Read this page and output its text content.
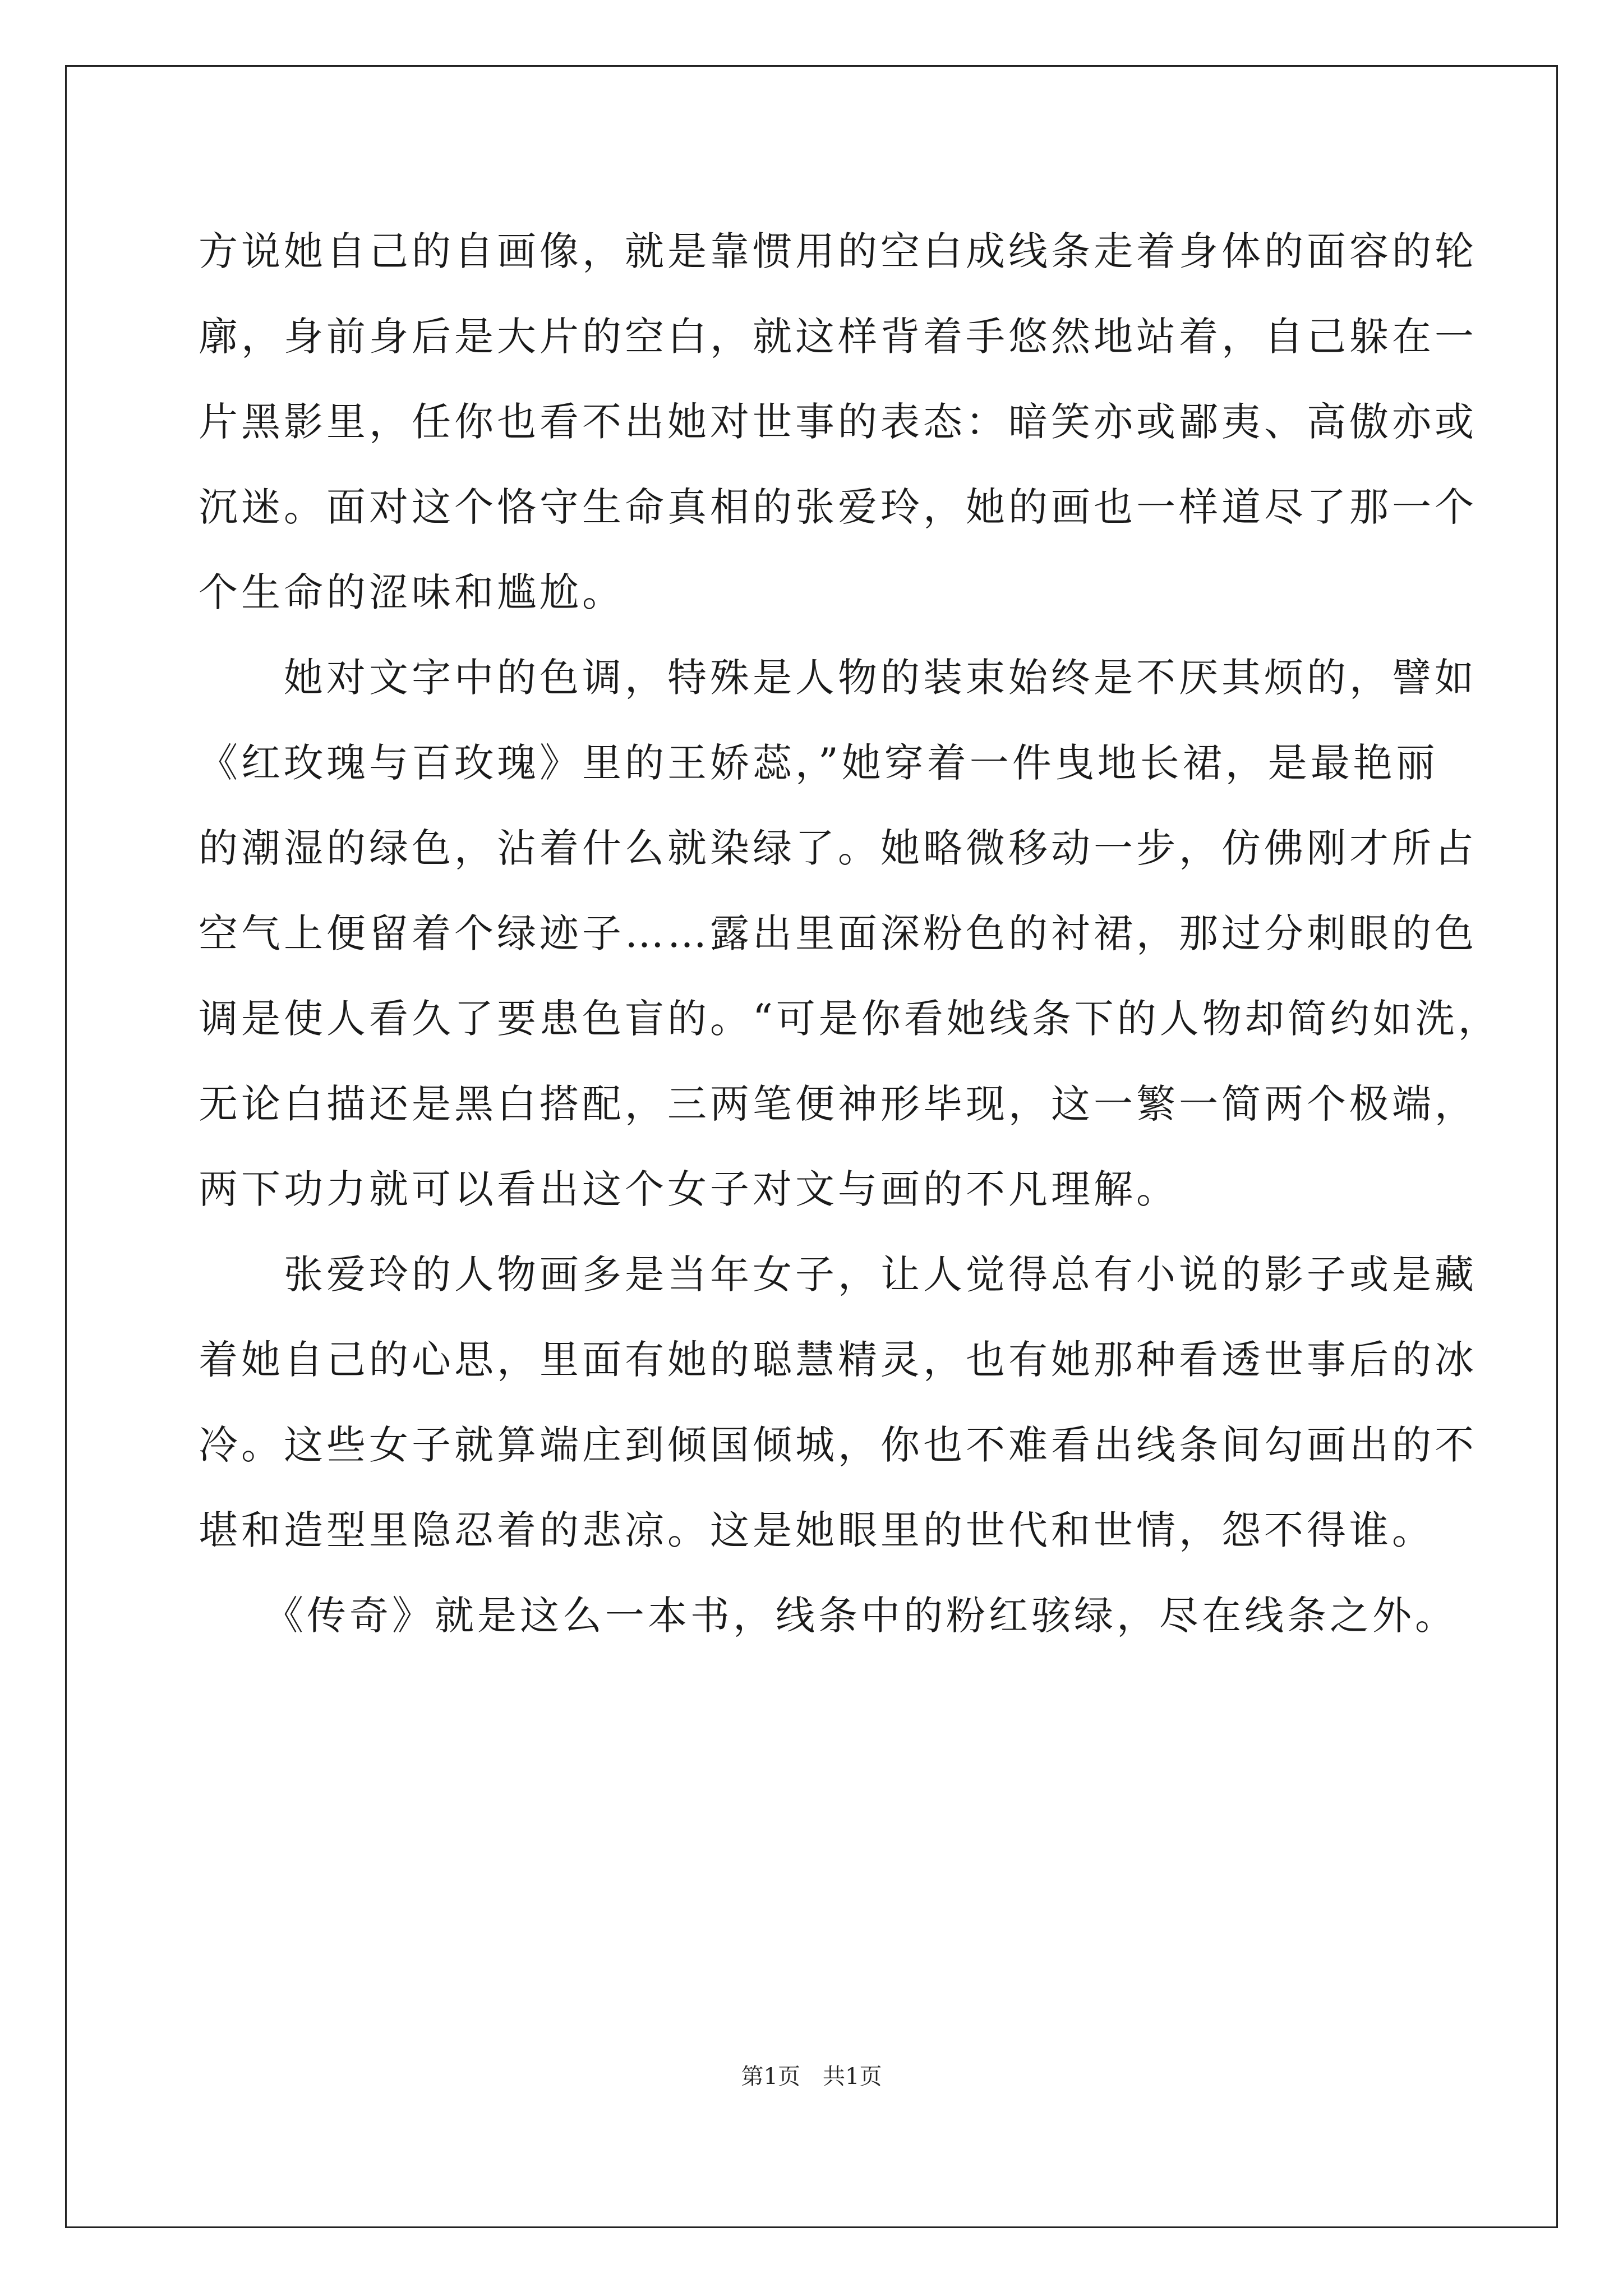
方说她自己的自画像，就是靠惯用的空白成线条走着身体的面容的轮
廓，身前身后是大片的空白，就这样背着手悠然地站着，自己躲在一
片黑影里，任你也看不出她对世事的表态：暗笑亦或鄙夷、高傲亦或
沉迷。面对这个恪守生命真相的张爱玲，她的画也一样道尽了那一个
个生命的涩味和尴尬。
　　她对文字中的色调，特殊是人物的装束始终是不厌其烦的，譬如
《红玫瑰与百玫瑰》里的王娇蕊，”她穿着一件曳地长裙，是最艳丽
的潮湿的绿色，沾着什么就染绿了。她略微移动一步，仿佛刚才所占
空气上便留着个绿迹子……露出里面深粉色的衬裙，那过分刺眼的色
调是使人看久了要患色盲的。“可是你看她线条下的人物却简约如洗，
无论白描还是黑白搭配，三两笔便神形毕现，这一繁一简两个极端，
两下功力就可以看出这个女子对文与画的不凡理解。
　　张爱玲的人物画多是当年女子，让人觉得总有小说的影子或是藏
着她自己的心思，里面有她的聪慧精灵，也有她那种看透世事后的冰
冷。这些女子就算端庄到倾国倾城，你也不难看出线条间勾画出的不
堪和造型里隐忍着的悲凉。这是她眼里的世代和世情，怨不得谁。
　　《传奇》就是这么一本书，线条中的粉红骇绿，尽在线条之外。
第1页 共1页
